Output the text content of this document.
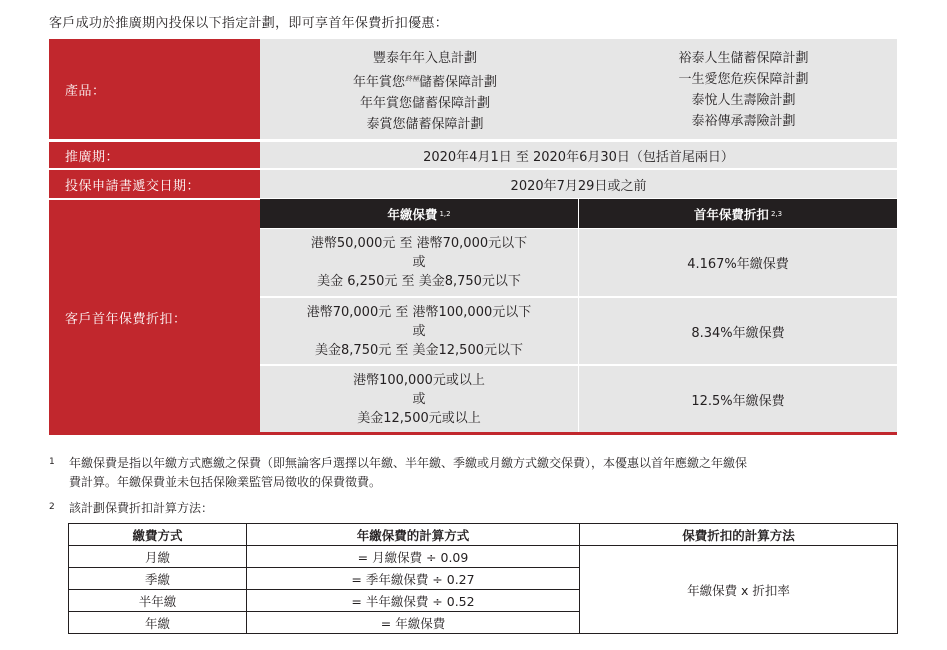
客戶成功於推廣期內投保以下指定計劃，即可享首年保費折扣優惠：
產品：
豐泰年年入息計劃
年年賞您$^{終極}$儲蓄保障計劃
年年賞您儲蓄保障計劃
泰賞您儲蓄保障計劃
裕泰人生儲蓄保障計劃
一生愛您危疾保障計劃
泰悅人生壽險計劃
泰裕傳承壽險計劃
推廣期：	2020年4月1日 至 2020年6月30日（包括首尾兩日）
投保申請書遞交日期：	2020年7月29日或之前
客戶首年保費折扣：
年繳保費 1,2	首年保費折扣 2,3
港幣50,000元 至 港幣70,000元以下
或
美金 6,250元 至 美金8,750元以下
4.167%年繳保費
港幣70,000元 至 港幣100,000元以下
或
美金8,750元 至 美金12,500元以下
8.34%年繳保費
港幣100,000元或以上
或
美金12,500元或以上
12.5%年繳保費
1 年繳保費是指以年繳方式應繳之保費（即無論客戶選擇以年繳、半年繳、季繳或月繳方式繳交保費），本優惠以首年應繳之年繳保
費計算。年繳保費並未包括保險業監管局徵收的保費徵費。
2 該計劃保費折扣計算方法：
繳費方式	年繳保費的計算方式	保費折扣的計算方法
月繳	= 月繳保費 ÷ 0.09	年繳保費 x 折扣率
季繳	= 季年繳保費 ÷ 0.27	
半年繳	= 半年繳保費 ÷ 0.52	
年繳	= 年繳保費	
